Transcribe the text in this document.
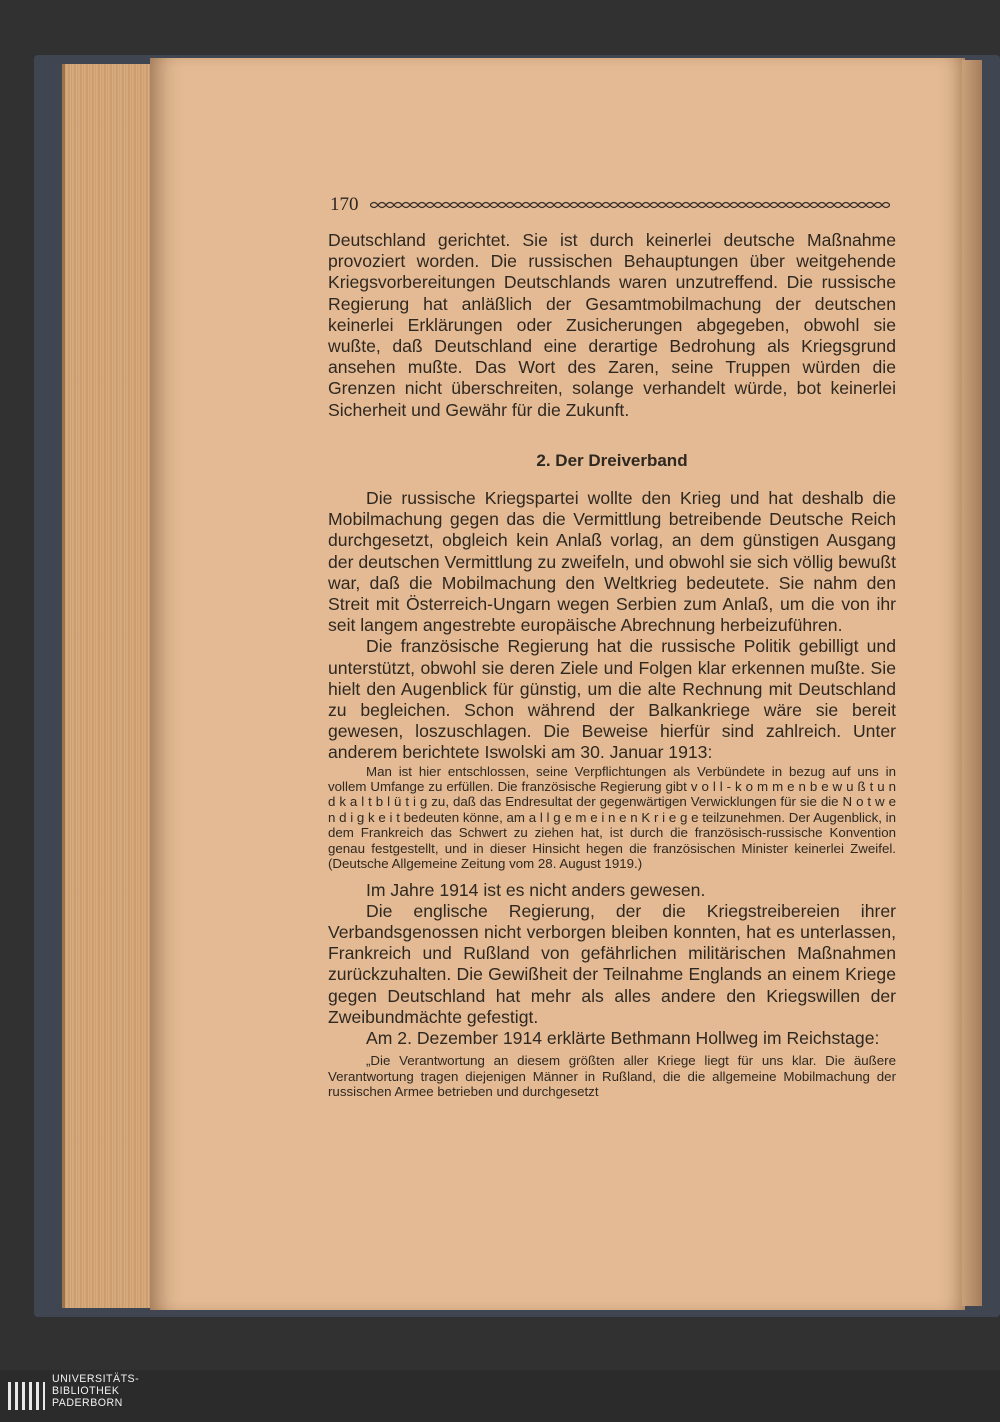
170

Deutschland gerichtet. Sie ist durch keinerlei deutsche Maßnahme provoziert worden. Die russischen Behauptungen über weitgehende Kriegsvorbereitungen Deutschlands waren unzutreffend. Die russische Regierung hat anläßlich der Gesamtmobilmachung der deutschen keinerlei Erklärungen oder Zusicherungen abgegeben, obwohl sie wußte, daß Deutschland eine derartige Bedrohung als Kriegsgrund ansehen mußte. Das Wort des Zaren, seine Truppen würden die Grenzen nicht überschreiten, solange verhandelt würde, bot keinerlei Sicherheit und Gewähr für die Zukunft.

2. Der Dreiverband

Die russische Kriegspartei wollte den Krieg und hat deshalb die Mobilmachung gegen das die Vermittlung betreibende Deutsche Reich durchgesetzt, obgleich kein Anlaß vorlag, an dem günstigen Ausgang der deutschen Vermittlung zu zweifeln, und obwohl sie sich völlig bewußt war, daß die Mobilmachung den Weltkrieg bedeutete. Sie nahm den Streit mit Österreich-Ungarn wegen Serbien zum Anlaß, um die von ihr seit langem angestrebte europäische Abrechnung herbeizuführen.

Die französische Regierung hat die russische Politik gebilligt und unterstützt, obwohl sie deren Ziele und Folgen klar erkennen mußte. Sie hielt den Augenblick für günstig, um die alte Rechnung mit Deutschland zu begleichen. Schon während der Balkankriege wäre sie bereit gewesen, loszuschlagen. Die Beweise hierfür sind zahlreich. Unter anderem berichtete Iswolski am 30. Januar 1913:

Man ist hier entschlossen, seine Verpflichtungen als Verbündete in bezug auf uns in vollem Umfange zu erfüllen. Die französische Regierung gibt v o l l - k o m m e n b e w u ß t u n d k a l t b l ü t i g zu, daß das Endresultat der gegenwärtigen Verwicklungen für sie die N o t w e n d i g k e i t bedeuten könne, am a l l g e m e i n e n K r i e g e teilzunehmen. Der Augenblick, in dem Frankreich das Schwert zu ziehen hat, ist durch die französisch-russische Konvention genau festgestellt, und in dieser Hinsicht hegen die französischen Minister keinerlei Zweifel. (Deutsche Allgemeine Zeitung vom 28. August 1919.)

Im Jahre 1914 ist es nicht anders gewesen.

Die englische Regierung, der die Kriegstreibereien ihrer Verbandsgenossen nicht verborgen bleiben konnten, hat es unterlassen, Frankreich und Rußland von gefährlichen militärischen Maßnahmen zurückzuhalten. Die Gewißheit der Teilnahme Englands an einem Kriege gegen Deutschland hat mehr als alles andere den Kriegswillen der Zweibundmächte gefestigt.

Am 2. Dezember 1914 erklärte Bethmann Hollweg im Reichstage:

„Die Verantwortung an diesem größten aller Kriege liegt für uns klar. Die äußere Verantwortung tragen diejenigen Männer in Rußland, die die allgemeine Mobilmachung der russischen Armee betrieben und durchgesetzt

UNIVERSITÄTS-
BIBLIOTHEK
PADERBORN
